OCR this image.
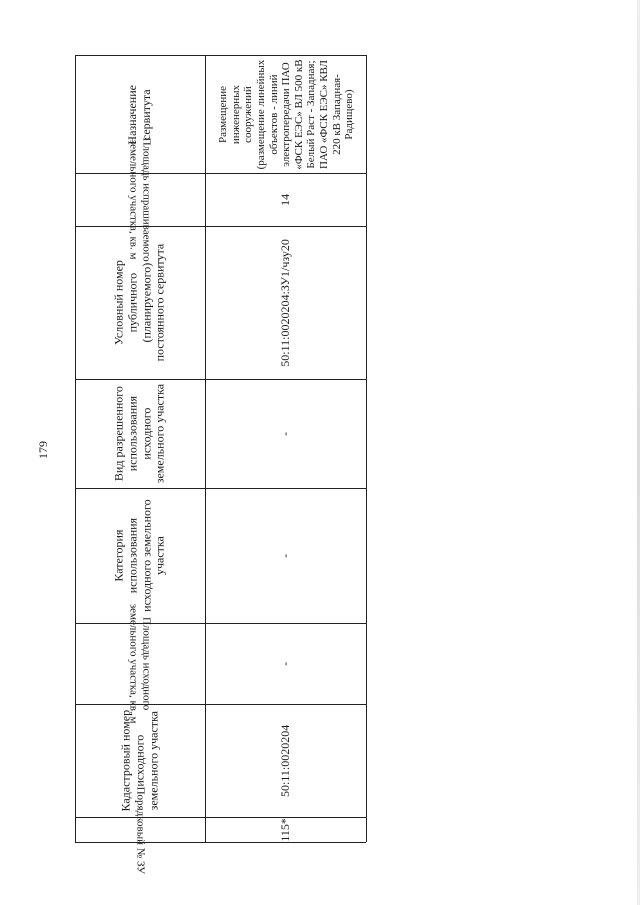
179
Назначение сервитута
Площадь испрашиваемого земельного участка, кв. м
Условный номер публичного (планируемого) постоянного сервитута
Вид разрешенного использования исходного земельного участка
Категория использования исходного земельного участка
Площадь исходного земельного участка, кв. м
Кадастровый номер исходного земельного участка
Порядковый № ЗУ
Размещение инженерных сооружений (размещение линейных объектов - линий электропередачи ПАО «ФСК ЕЭС» ВЛ 500 кВ Белый Раст - Западная; ПАО «ФСК ЕЭС» КВЛ 220 кВ Западная-Радищево)
14
50:11:0020204:ЗУ1/чзу20
-
-
-
50:11:0020204
115*
